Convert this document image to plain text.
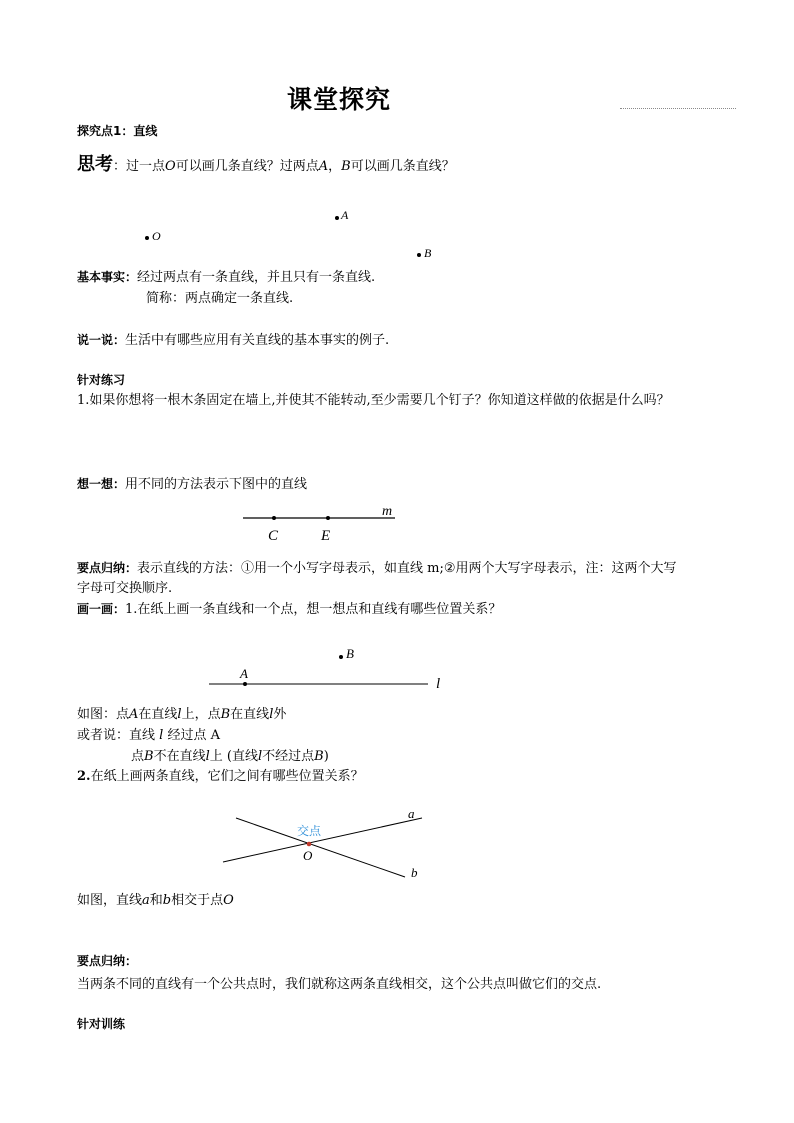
课堂探究
探究点1：直线
思考：过一点O可以画几条直线？过两点A，B可以画几条直线？
A
O
B
基本事实：经过两点有一条直线，并且只有一条直线.
简称：两点确定一条直线.
说一说：生活中有哪些应用有关直线的基本事实的例子.
针对练习
1.如果你想将一根木条固定在墙上,并使其不能转动,至少需要几个钉子？你知道这样做的依据是什么吗？
想一想：用不同的方法表示下图中的直线
C	E
m
要点归纳：表示直线的方法：①用一个小写字母表示，如直线 m;②用两个大写字母表示，注：这两个大写
字母可交换顺序.
画一画：1.在纸上画一条直线和一个点，想一想点和直线有哪些位置关系？
A
B
l
如图：点A在直线l上，点B在直线l外
或者说：直线 l 经过点 A
点B不在直线l上 (直线l不经过点B)
2.在纸上画两条直线，它们之间有哪些位置关系？
交点
O
a
b
如图，直线a和b相交于点O
要点归纳：
当两条不同的直线有一个公共点时，我们就称这两条直线相交，这个公共点叫做它们的交点.
针对训练
